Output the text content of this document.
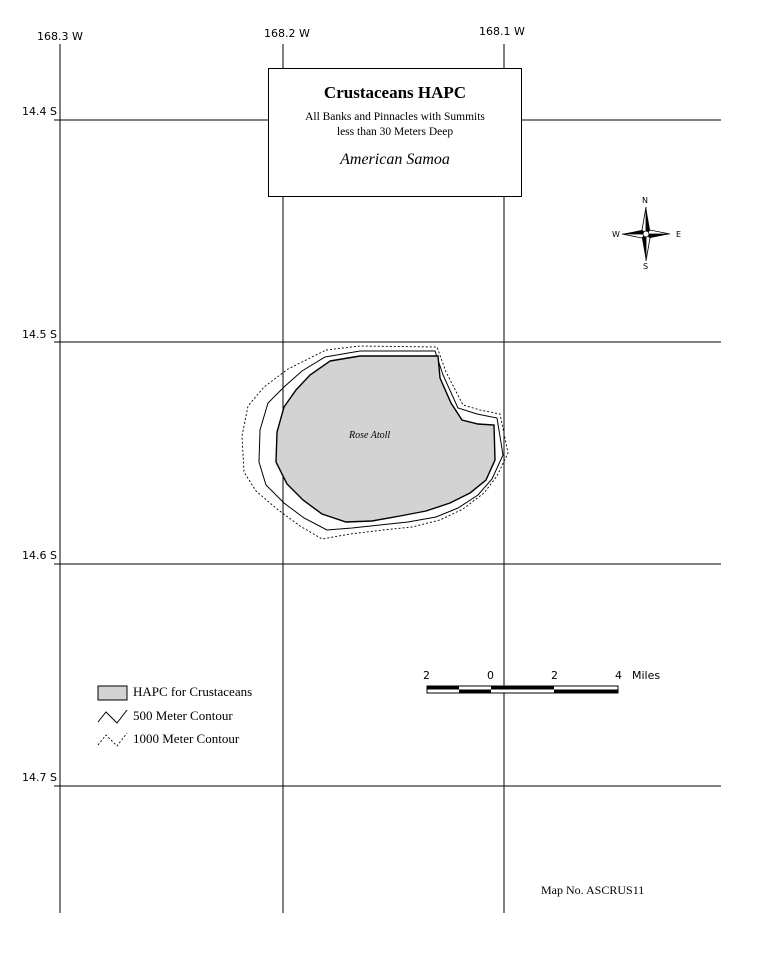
168.3 W	168.2 W	168.1 W
14.4 S
14.5 S
14.6 S
14.7 S
Crustaceans HAPC
All Banks and Pinnacles with Summits
less than 30 Meters Deep
American Samoa
N
S
E
W
Rose Atoll
HAPC for Crustaceans
500 Meter Contour
1000 Meter Contour
2	0	2	4 Miles
Map No. ASCRUS11
